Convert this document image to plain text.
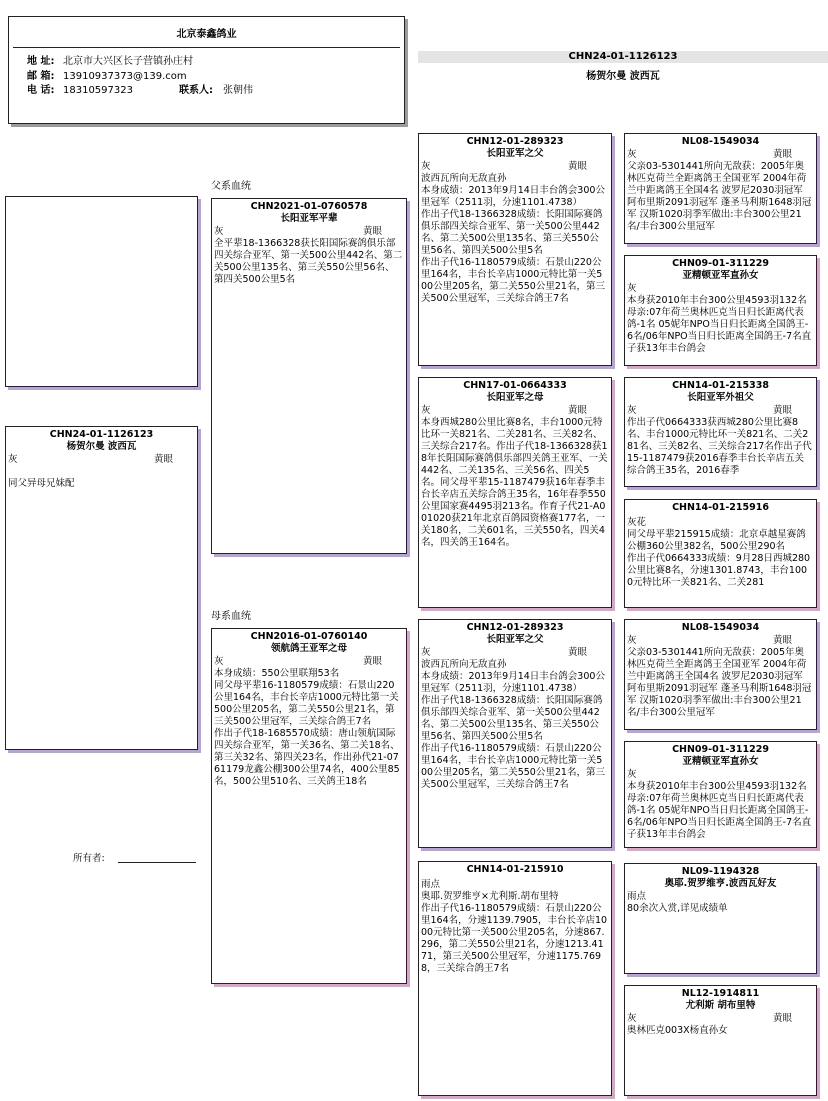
北京泰鑫鸽业
地 址: 北京市大兴区长子营镇孙庄村
邮 箱: 13910937373@139.com
电 话: 18310597323	联系人:	张朝伟
CHN24-01-1126123
杨贺尔曼 波西瓦
CHN24-01-1126123
杨贺尔曼 波西瓦
灰	黄眼
同父异母兄妹配
父系血统
母系血统
所有者:
CHN2021-01-0760578
长阳亚军平辈
灰	黄眼
全平辈18-1366328获长阳国际赛鸽俱乐部四关综合亚军、第一关500公里442名、第二关500公里135名、第三关550公里56名、第四关500公里5名
CHN2016-01-0760140
领航鸽王亚军之母
灰	黄眼
本身成绩：550公里联翔53名
同父母平辈16-1180579成绩：石景山220公里164名，丰台长辛店1000元特比第一关500公里205名，第二关550公里21名，第三关500公里冠军，三关综合鸽王7名
作出子代18-1685570成绩：唐山领航国际四关综合亚军，第一关36名、第二关18名、第三关32名、第四关23名，作出孙代21-0761179龙鑫公棚300公里74名，400公里85名，500公里510名、三关鸽王18名
CHN12-01-289323
长阳亚军之父
灰	黄眼
波西瓦所向无敌直孙
本身成绩：2013年9月14日丰台鸽会300公里冠军（2511羽，分速1101.4738）
作出子代18-1366328成绩：长阳国际赛鸽俱乐部四关综合亚军、第一关500公里442名、第二关500公里135名、第三关550公里56名、第四关500公里5名
作出子代16-1180579成绩：石景山220公里164名，丰台长辛店1000元特比第一关500公里205名，第二关550公里21名，第三关500公里冠军，三关综合鸽王7名
CHN17-01-0664333
长阳亚军之母
灰	黄眼
本身西城280公里比赛8名，丰台1000元特比环一关821名、二关281名、三关82名、三关综合217名。作出子代18-1366328获18年长阳国际赛鸽俱乐部四关鸽王亚军、一关442名、二关135名、三关56名、四关5名。同父母平辈15-1187479获16年春季丰台长辛店五关综合鸽王35名，16年春季550公里国家赛4495羽213名。作育子代21-A001020获21年北京百鸽园资格赛177名，一关180名，二关601名，三关550名，四关4名，四关鸽王164名。
CHN12-01-289323
长阳亚军之父
灰	黄眼
波西瓦所向无敌直孙
本身成绩：2013年9月14日丰台鸽会300公里冠军（2511羽，分速1101.4738）
作出子代18-1366328成绩：长阳国际赛鸽俱乐部四关综合亚军、第一关500公里442名、第二关500公里135名、第三关550公里56名、第四关500公里5名
作出子代16-1180579成绩：石景山220公里164名，丰台长辛店1000元特比第一关500公里205名，第二关550公里21名，第三关500公里冠军，三关综合鸽王7名
CHN14-01-215910
雨点
奥耶.贺罗维亨×尤利斯.胡布里特
作出子代16-1180579成绩：石景山220公里164名，分速1139.7905，丰台长辛店1000元特比第一关500公里205名，分速867.296，第二关550公里21名，分速1213.4171，第三关500公里冠军，分速1175.7698，三关综合鸽王7名
NL08-1549034
灰	黄眼
父亲03-5301441所向无敌获：2005年奥林匹克荷兰全距离鸽王全国亚军 2004年荷兰中距离鸽王全国4名 波罗尼2030羽冠军 阿布里斯2091羽冠军 蓬圣马利斯1648羽冠军 汉斯1020羽季军做出:丰台300公里21名/丰台300公里冠军
CHN09-01-311229
亚精顿亚军直孙女
灰
本身获2010年丰台300公里4593羽132名母亲:07年荷兰奥林匹克当日归长距离代表鸽-1名 05妮年NPO当日归长距离全国鸽王-6名/06年NPO当日归长距离全国鸽王-7名直子获13年丰台鸽会
CHN14-01-215338
长阳亚军外祖父
灰	黄眼
作出子代0664333获西城280公里比赛8名、丰台1000元特比环一关821名、二关281名、三关82名、三关综合217名作出子代15-1187479获2016春季丰台长辛店五关综合鸽王35名，2016春季
CHN14-01-215916
灰花
同父母平辈215915成绩：北京卓越星赛鸽公棚360公里382名，500公里290名
作出子代0664333成绩：9月28日西城280公里比赛8名，分速1301.8743，丰台1000元特比环一关821名、二关281
NL08-1549034
灰	黄眼
父亲03-5301441所向无敌获：2005年奥林匹克荷兰全距离鸽王全国亚军 2004年荷兰中距离鸽王全国4名 波罗尼2030羽冠军 阿布里斯2091羽冠军 蓬圣马利斯1648羽冠军 汉斯1020羽季军做出:丰台300公里21名/丰台300公里冠军
CHN09-01-311229
亚精顿亚军直孙女
灰
本身获2010年丰台300公里4593羽132名母亲:07年荷兰奥林匹克当日归长距离代表鸽-1名 05妮年NPO当日归长距离全国鸽王-6名/06年NPO当日归长距离全国鸽王-7名直子获13年丰台鸽会
NL09-1194328
奥耶.贺罗维亨.波西瓦好友
雨点
80余次入赏,详见成绩单
NL12-1914811
尤利斯 胡布里特
灰	黄眼
奥林匹克003X杨直孙女
